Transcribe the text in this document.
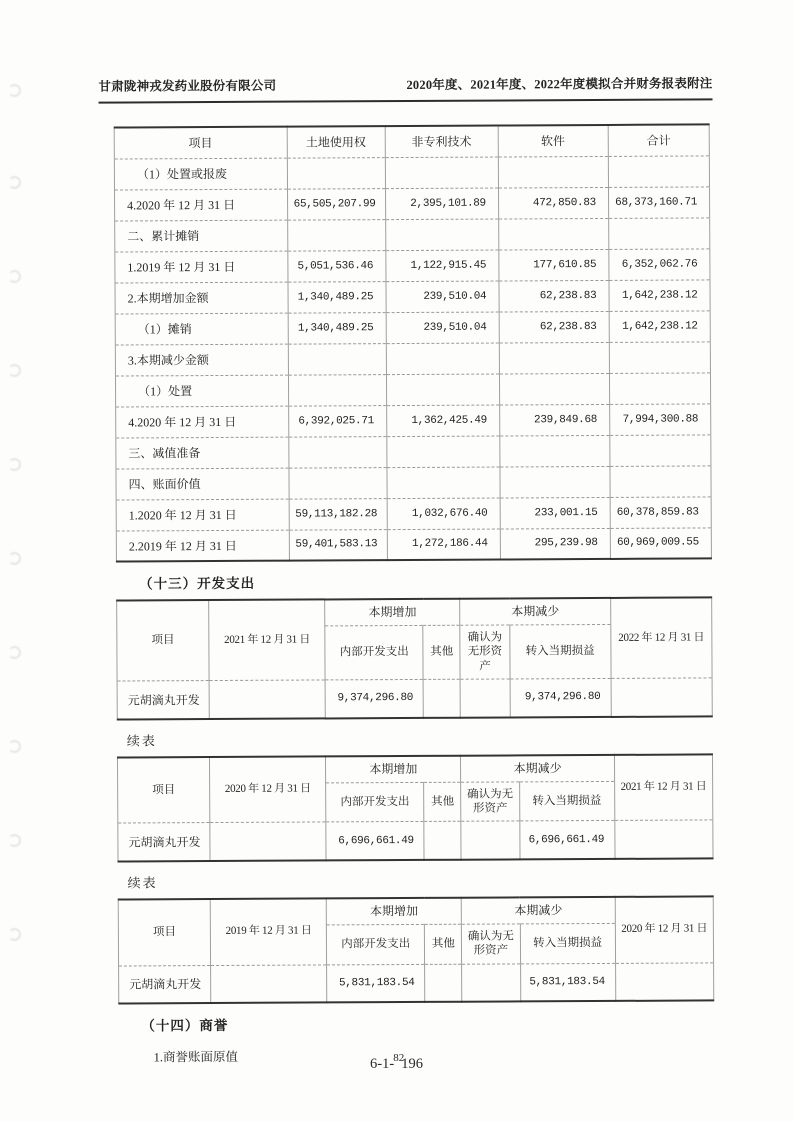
甘肃陇神戎发药业股份有限公司	2020年度、2021年度、2022年度模拟合并财务报表附注
项目	土地使用权	非专利技术	软件	合计
（1）处置或报废				
4.2020 年 12 月 31 日	65,505,207.99	2,395,101.89	472,850.83	68,373,160.71
二、累计摊销				
1.2019 年 12 月 31 日	5,051,536.46	1,122,915.45	177,610.85	6,352,062.76
2.本期增加金额	1,340,489.25	239,510.04	62,238.83	1,642,238.12
（1）摊销	1,340,489.25	239,510.04	62,238.83	1,642,238.12
3.本期减少金额				
（1）处置				
4.2020 年 12 月 31 日	6,392,025.71	1,362,425.49	239,849.68	7,994,300.88
三、减值准备				
四、账面价值				
1.2020 年 12 月 31 日	59,113,182.28	1,032,676.40	233,001.15	60,378,859.83
2.2019 年 12 月 31 日	59,401,583.13	1,272,186.44	295,239.98	60,969,009.55
（十三）开发支出
项目	2021 年 12 月 31 日	本期增加		本期减少		2022 年 12 月 31 日
		内部开发支出	其他	确认为无形资产	转入当期损益	
元胡滴丸开发		9,374,296.80			9,374,296.80	
续表
项目	2020 年 12 月 31 日	本期增加		本期减少		2021 年 12 月 31 日
		内部开发支出	其他	确认为无形资产	转入当期损益	
元胡滴丸开发		6,696,661.49			6,696,661.49	
续表
项目	2019 年 12 月 31 日	本期增加		本期减少		2020 年 12 月 31 日
		内部开发支出	其他	确认为无形资产	转入当期损益	
元胡滴丸开发		5,831,183.54			5,831,183.54	
（十四）商誉
1.商誉账面原值	6-1-82196
